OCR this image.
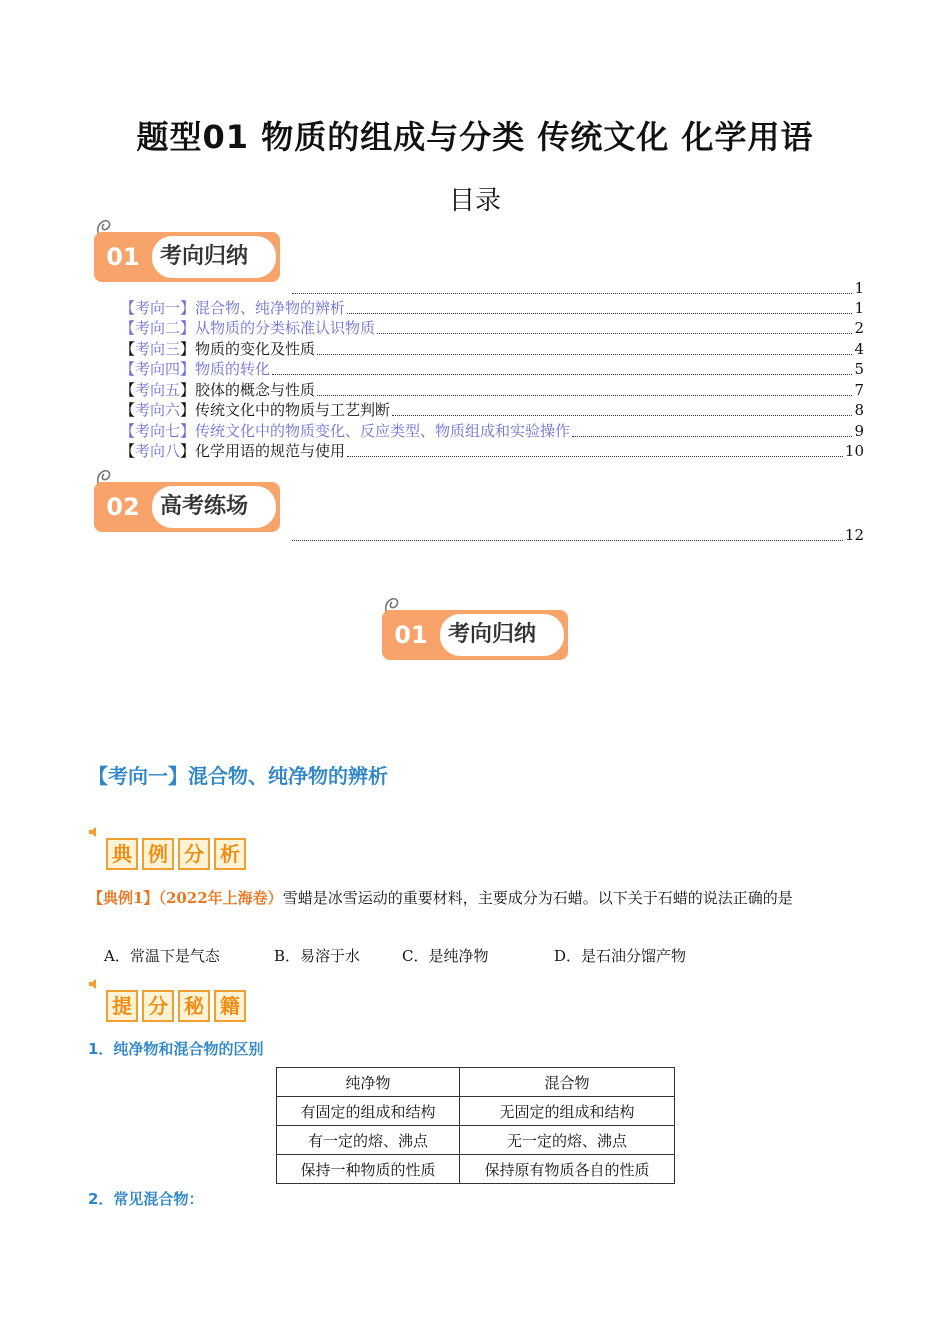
题型01 物质的组成与分类 传统文化 化学用语
目录
01 考向归纳
1
【考向一】混合物、纯净物的辨析	1
【考向二】从物质的分类标准认识物质	2
【考向三】物质的变化及性质	4
【考向四】物质的转化	5
【考向五】胶体的概念与性质	7
【考向六】传统文化中的物质与工艺判断	8
【考向七】传统文化中的物质变化、反应类型、物质组成和实验操作	9
【考向八】化学用语的规范与使用	10
02 高考练场
12
01 考向归纳
【考向一】混合物、纯净物的辨析
典 例 分 析
【典例1】（2022年上海卷）雪蜡是冰雪运动的重要材料，主要成分为石蜡。以下关于石蜡的说法正确的是
A．常温下是气态	B．易溶于水	C．是纯净物	D．是石油分馏产物
提 分 秘 籍
1．纯净物和混合物的区别
纯净物	混合物
有固定的组成和结构	无固定的组成和结构
有一定的熔、沸点	无一定的熔、沸点
保持一种物质的性质	保持原有物质各自的性质
2．常见混合物：
